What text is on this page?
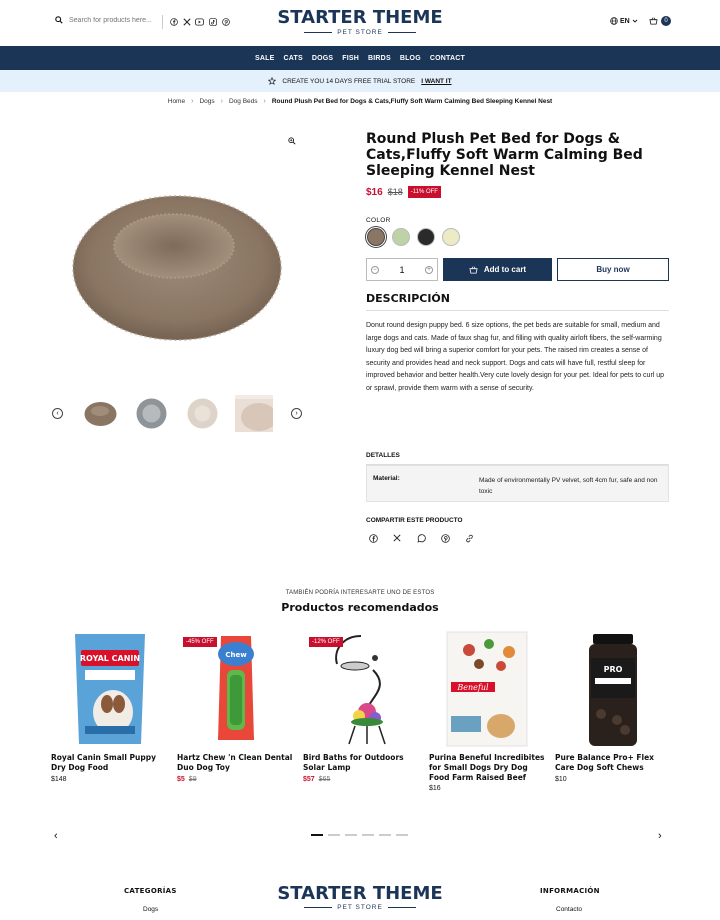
Search for products here...
STARTER THEME
PET STORE
EN	0
SALE CATS DOGS FISH BIRDS BLOG CONTACT
CREATE YOU 14 DAYS FREE TRIAL STORE I WANT IT
Home › Dogs › Dog Beds › Round Plush Pet Bed for Dogs & Cats,Fluffy Soft Warm Calming Bed Sleeping Kennel Nest
‹	›
Round Plush Pet Bed for Dogs & Cats,Fluffy Soft Warm Calming Bed Sleeping Kennel Nest
$16 $18	-11% OFF
COLOR
−	1	+	Add to cart	Buy now
DESCRIPCIÓN
Donut round design puppy bed. 6 size options, the pet beds are suitable for small, medium and large dogs and cats. Made of faux shag fur, and filling with quality airloft fibers, the self-warming luxury dog bed will bring a superior comfort for your pets. The raised rim creates a sense of security and provides head and neck support. Dogs and cats will have full, restful sleep for improved behavior and better health.Very cute lovely design for your pet. Ideal for pets to curl up or sprawl, provide them warm with a sense of security.
DETALLES
Material:	Made of environmentally PV velvet, soft 4cm fur, safe and non toxic
COMPARTIR ESTE PRODUCTO
TAMBIÉN PODRÍA INTERESARTE UNO DE ESTOS
Productos recomendados
ROYAL CANIN
Royal Canin Small Puppy Dry Dog Food
$148
Chew
-45% OFF
Hartz Chew 'n Clean Dental Duo Dog Toy
$5 $9
-12% OFF
Bird Baths for Outdoors Solar Lamp
$57 $65
Beneful
Purina Beneful Incredibites for Small Dogs Dry Dog Food Farm Raised Beef
$16
PRO
Pure Balance Pro+ Flex Care Dog Soft Chews
$10
‹	›
CATEGORÍAS
Dogs
STARTER THEME
PET STORE
INFORMACIÓN
Contacto
